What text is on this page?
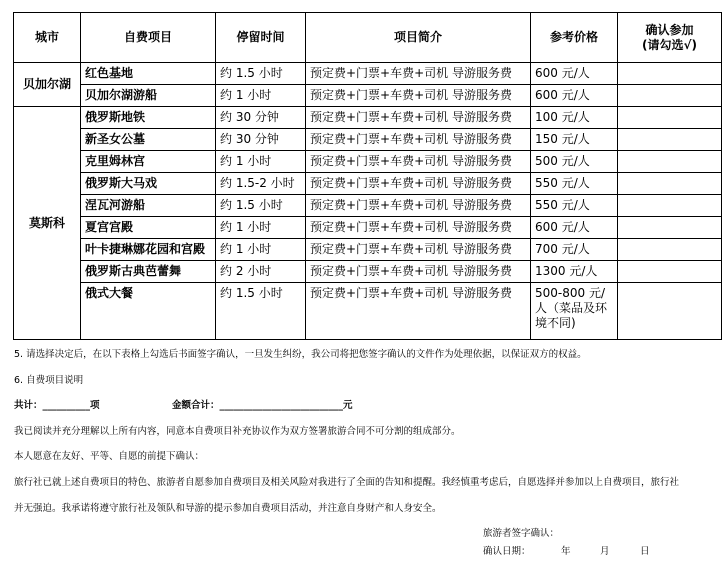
城市	自费项目	停留时间	项目简介	参考价格	确认参加
(请勾选√)

贝加尔湖	红色基地	约 1.5 小时	预定费+门票+车费+司机 导游服务费	600 元/人	
	贝加尔湖游船	约 1 小时	预定费+门票+车费+司机 导游服务费	600 元/人	
莫斯科	俄罗斯地铁	约 30 分钟	预定费+门票+车费+司机 导游服务费	100 元/人	
	新圣女公墓	约 30 分钟	预定费+门票+车费+司机 导游服务费	150 元/人	
	克里姆林宫	约 1 小时	预定费+门票+车费+司机 导游服务费	500 元/人	
	俄罗斯大马戏	约 1.5-2 小时	预定费+门票+车费+司机 导游服务费	550 元/人	
	涅瓦河游船	约 1.5 小时	预定费+门票+车费+司机 导游服务费	550 元/人	
	夏宫宫殿	约 1 小时	预定费+门票+车费+司机 导游服务费	600 元/人	
	叶卡捷琳娜花园和宫殿	约 1 小时	预定费+门票+车费+司机 导游服务费	700 元/人	
	俄罗斯古典芭蕾舞	约 2 小时	预定费+门票+车费+司机 导游服务费	1300 元/人	
	俄式大餐	约 1.5 小时	预定费+门票+车费+司机 导游服务费	500-800 元/
人（菜品及环
境不同)	

5. 请选择决定后，在以下表格上勾选后书面签字确认，一旦发生纠纷，我公司将把您签字确认的文件作为处理依据，以保证双方的权益。
6. 自费项目说明
共计：__________项	金额合计：__________________________元
我已阅读并充分理解以上所有内容，同意本自费项目补充协议作为双方签署旅游合同不可分割的组成部分。
本人愿意在友好、平等、自愿的前提下确认：
旅行社已就上述自费项目的特色、旅游者自愿参加自费项目及相关风险对我进行了全面的告知和提醒。我经慎重考虑后，自愿选择并参加以上自费项目，旅行社
并无强迫。我承诺将遵守旅行社及领队和导游的提示参加自费项目活动，并注意自身财产和人身安全。
旅游者签字确认：
确认日期：	年	月	日
